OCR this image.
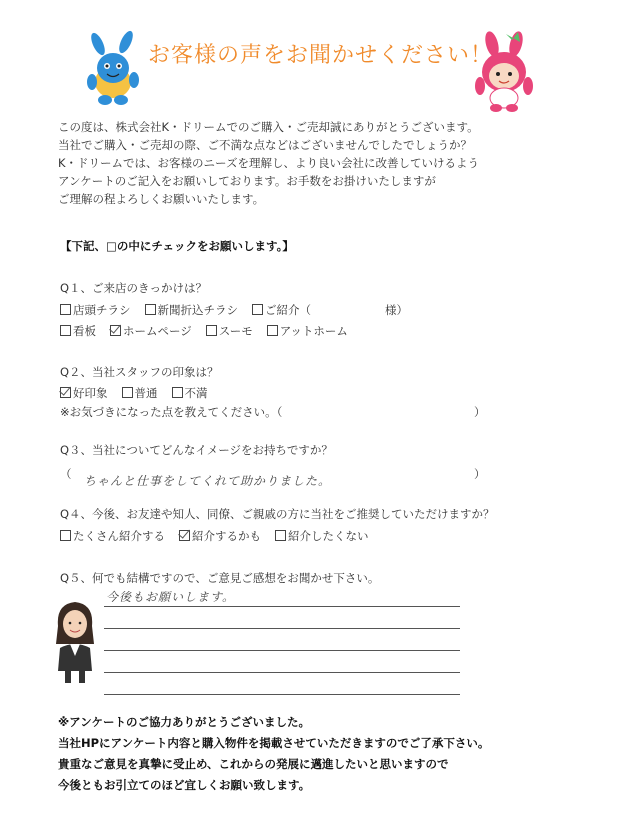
お客様の声をお聞かせください！
この度は、株式会社K・ドリームでのご購入・ご売却誠にありがとうございます。
当社でご購入・ご売却の際、ご不満な点などはございませんでしたでしょうか？
K・ドリームでは、お客様のニーズを理解し、より良い会社に改善していけるよう
アンケートのご記入をお願いしております。お手数をお掛けいたしますが
ご理解の程よろしくお願いいたします。
【下記、□の中にチェックをお願いします。】
Q１、ご来店のきっかけは？
店頭チラシ 新聞折込チラシ ご紹介（	様）
看板 ホームページ スーモ アットホーム
Q２、当社スタッフの印象は？
好印象 普通 不満
※お気づきになった点を教えてください。（	）
Q３、当社についてどんなイメージをお持ちですか？
（ ちゃんと仕事をしてくれて助かりました。	）
Q４、今後、お友達や知人、同僚、ご親戚の方に当社をご推奨していただけますか？
たくさん紹介する 紹介するかも 紹介したくない
Q５、何でも結構ですので、ご意見ご感想をお聞かせ下さい。
今後もお願いします。
※アンケートのご協力ありがとうございました。
当社HPにアンケート内容と購入物件を掲載させていただきますのでご了承下さい。
貴重なご意見を真摯に受止め、これからの発展に邁進したいと思いますので
今後ともお引立てのほど宜しくお願い致します。
